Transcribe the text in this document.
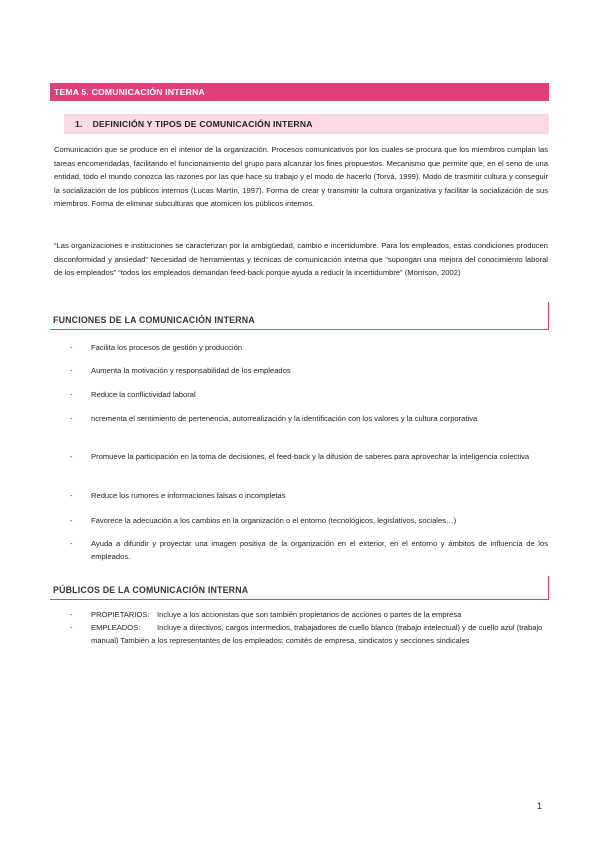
TEMA 5. COMUNICACIÓN INTERNA
1. DEFINICIÓN Y TIPOS DE COMUNICACIÓN INTERNA
Comunicación que se produce en el interior de la organización. Procesos comunicativos por los cuales se procura que los miembros cumplan las tareas encomendadas, facilitando el funcionamiento del grupo para alcanzar los fines propuestos. Mecanismo que permite que, en el seno de una entidad, todo el mundo conozca las razones por las que hace su trabajo y el modo de hacerlo (Torvá, 1999). Modo de trasmitir cultura y conseguir la socialización de los públicos internos (Lucas Martín, 1997). Forma de crear y transmitir la cultura organizativa y facilitar la socialización de sus miembros. Forma de eliminar subculturas que atomicen los públicos internos.
“Las organizaciones e instituciones se caracterizan por la ambigüedad, cambio e incertidumbre. Para los empleados, estas condiciones producen disconformidad y ansiedad” Necesidad de herramientas y técnicas de comunicación interna que “supongan una mejora del conocimiento laboral de los empleados” “todos los empleados demandan feed-back porque ayuda a reducir la incertidumbre” (Morrison, 2002)
FUNCIONES DE LA COMUNICACIÓN INTERNA
- Facilita los procesos de gestión y producción
- Aumenta la motivación y responsabilidad de los empleados
- Reduce la conflictividad laboral
- ncrementa el sentimiento de pertenencia, autorrealización y la identificación con los valores y la cultura corporativa
- Promueve la participación en la toma de decisiones, el feed-back y la difusión de saberes para aprovechar la inteligencia colectiva
- Reduce los rumores e informaciones falsas o incompletas
- Favorece la adecuación a los cambios en la organización o el entorno (tecnológicos, legislativos, sociales…)
- Ayuda a difundir y proyectar una imagen positiva de la organización en el exterior, en el entorno y ámbitos de influencia de los empleados.
PÚBLICOS DE LA COMUNICACIÓN INTERNA
- PROPIETARIOS: Incluye a los accionistas que son también propietarios de acciones o partes de la empresa
- EMPLEADOS: Incluye a directivos, cargos intermedios, trabajadores de cuello blanco (trabajo intelectual) y de cuello azul (trabajo manual) También a los representantes de los empleados: comités de empresa, sindicatos y secciones sindicales
1
